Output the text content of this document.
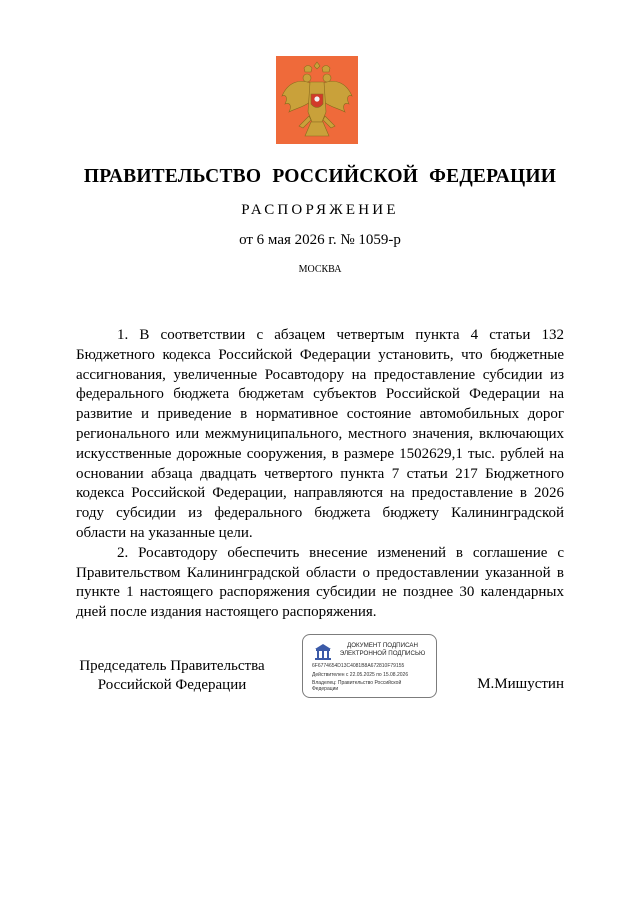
ПРАВИТЕЛЬСТВО РОССИЙСКОЙ ФЕДЕРАЦИИ
РАСПОРЯЖЕНИЕ
от 6 мая 2026 г. № 1059-р
МОСКВА

1. В соответствии с абзацем четвертым пункта 4 статьи 132 Бюджетного кодекса Российской Федерации установить, что бюджетные ассигнования, увеличенные Росавтодору на предоставление субсидии из федерального бюджета бюджетам субъектов Российской Федерации на развитие и приведение в нормативное состояние автомобильных дорог регионального или межмуниципального, местного значения, включающих искусственные дорожные сооружения, в размере 1502629,1 тыс. рублей на основании абзаца двадцать четвертого пункта 7 статьи 217 Бюджетного кодекса Российской Федерации, направляются на предоставление в 2026 году субсидии из федерального бюджета бюджету Калининградской области на указанные цели.

2. Росавтодору обеспечить внесение изменений в соглашение с Правительством Калининградской области о предоставлении указанной в пункте 1 настоящего распоряжения субсидии не позднее 30 календарных дней после издания настоящего распоряжения.

Председатель Правительства
Российской Федерации
ДОКУМЕНТ ПОДПИСАН
ЭЛЕКТРОННОЙ ПОДПИСЬЮ
6F6774654D13C4081B8A672810F79155
Действителен с 22.05.2025 по 15.08.2026
Владелец: Правительство Российской
Федерации	М.Мишустин
